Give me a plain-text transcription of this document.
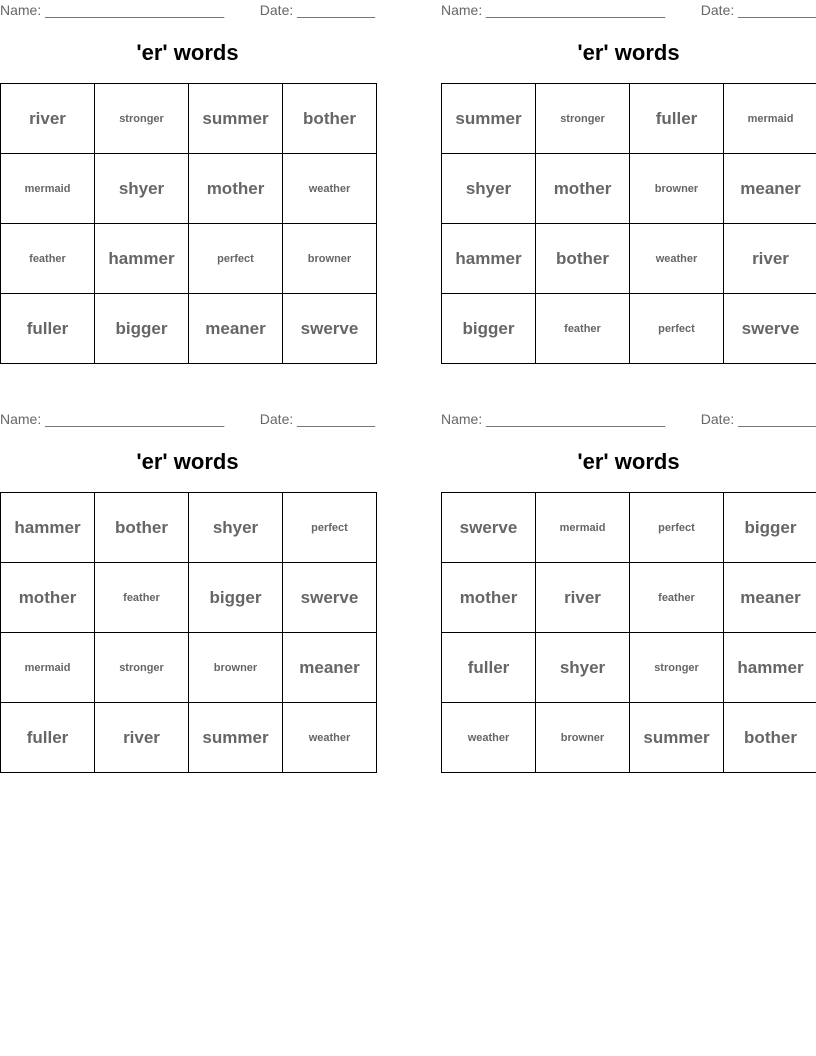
Name: _______________________	Date: __________
'er' words
river	stronger	summer	bother
mermaid	shyer	mother	weather
feather	hammer	perfect	browner
fuller	bigger	meaner	swerve
Name: _______________________	Date: __________
'er' words
summer	stronger	fuller	mermaid
shyer	mother	browner	meaner
hammer	bother	weather	river
bigger	feather	perfect	swerve
Name: _______________________	Date: __________
'er' words
hammer	bother	shyer	perfect
mother	feather	bigger	swerve
mermaid	stronger	browner	meaner
fuller	river	summer	weather
Name: _______________________	Date: __________
'er' words
swerve	mermaid	perfect	bigger
mother	river	feather	meaner
fuller	shyer	stronger	hammer
weather	browner	summer	bother
